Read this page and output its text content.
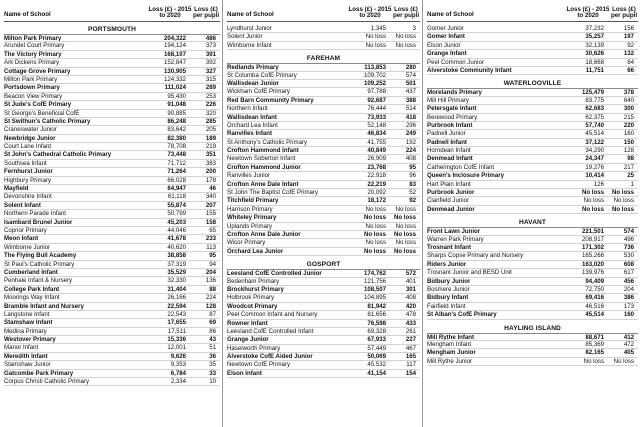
Name of School
Loss (£) - 2015 to 2020
Loss (£) per pupil
PORTSMOUTH
Milton Park Primary	204,322	486
Arundel Court Primary	194,124	373
The Victory Primary	168,107	391
Ark Dickens Primary	152,847	392
Cottage Grove Primary	130,905	327
Milton Park Primary	124,332	315
Portsdown Primary	111,024	289
Beacon View Primary	95,430	253
St Jude's CofE Primary	91,048	226
St George's Beneficial CofE	90,885	320
St Swithun's Catholic Primary	86,248	285
Craneswater Junior	83,642	205
Newbridge Junior	82,380	189
Court Lane Infant	78,708	219
St John's Cathedral Catholic Primary	73,448	351
Southsea Infant	71,712	383
Fernhurst Junior	71,264	200
Highbury Primary	66,028	178
Mayfield	64,947	46
Devonshire Infant	61,118	340
Solent Infant	55,874	207
Northern Parade Infant	50,799	155
Isambard Brunel Junior	45,203	158
Copnor Primary	44,046	65
Meon Infant	41,678	233
Wimborne Junior	40,620	113
The Flying Bull Academy	38,858	95
St Paul's Catholic Primary	37,319	94
Cumberland Infant	35,529	204
Penhale Infant & Nursery	32,330	136
College Park Infant	31,404	88
Moorings Way Infant	26,166	224
Bramble Infant and Nursery	22,594	128
Langstone Infant	22,543	87
Stamshaw Infant	17,655	69
Medina Primary	17,511	86
Westover Primary	15,336	43
Manor Infant	12,001	51
Meredith Infant	9,626	36
Stamshaw Junior	9,353	35
Gatcombe Park Primary	6,784	33
Corpus Christi Catholic Primary	2,334	10
Name of School
Loss (£) - 2015 to 2020
Loss (£) per pupil
Lyndhurst Junior	1,345	3
Solent Junior	No loss	No loss
Wimborne Infant	No loss	No loss
FAREHAM
Redlands Primary	113,853	280
St Columba CofE Primary	109,702	574
Wallisdean Junior	109,252	501
Wickham CofE Primary	97,788	437
Red Barn Community Primary	92,687	388
Northern Infant	76,444	514
Wallisdean Infant	73,933	418
Orchard Lea Infant	52,148	296
Ranvilles Infant	46,834	249
St Anthony's Catholic Primary	41,755	192
Crofton Hammond Infant	40,849	224
Newtown Soberton Infant	26,909	408
Crofton Hammond Junior	23,768	95
Ranvilles Junior	22,918	96
Crofton Anne Dale Infant	22,219	83
St John The Baptist CofE Primary	20,092	52
Titchfield Primary	18,172	92
Harrison Primary	No loss	No loss
Whiteley Primary	No loss	No loss
Uplands Primary	No loss	No loss
Crofton Anne Dale Junior	No loss	No loss
Wicor Primary	No loss	No loss
Orchard Lea Junior	No loss	No loss
GOSPORT
Leesland CofE Controlled Junior	174,762	572
Bedenham Primary	121,756	401
Brockhurst Primary	108,507	301
Holbrook Primary	104,895	408
Woodcot Primary	81,942	420
Peel Common Infant and Nursery	81,656	478
Rowner Infant	76,598	433
Leesland CofE Controlled Infant	69,328	261
Grange Junior	67,933	227
Haselworth Primary	57,449	467
Alverstoke CofE Aided Junior	50,069	165
Newtown CofE Primary	45,532	117
Elson Infant	41,154	154
Name of School
Loss (£) - 2015 to 2020
Loss (£) per pupil
Gomer Junior	37,232	156
Gomer Infant	35,257	197
Elson Junior	32,139	92
Grange Infant	30,626	132
Peel Common Junior	18,668	84
Alverstoke Community Infant	11,751	66
WATERLOOVILLE
Morelands Primary	125,479	378
Mill Hill Primary	83,775	640
Petersgate Infant	62,683	300
Berewood Primary	62,375	215
Purbrook Infant	57,740	220
Padnell Junior	45,514	160
Padnell Infant	37,122	150
Horndean Infant	34,290	128
Denmead Infant	24,347	98
Catherington CofE Infant	19,276	217
Queen's Inclosure Primary	10,414	25
Hart Plain Infant	126	1
Purbrook Junior	No loss	No loss
Clanfield Junior	No loss	No loss
Denmead Junior	No loss	No loss
HAVANT
Front Lawn Junior	221,501	574
Warren Park Primary	208,917	496
Trosnant Infant	171,302	736
Sharps Copse Primary and Nursery	165,266	530
Riders Junior	163,020	608
Trosnant Junior and BESD Unit	139,976	617
Bidbury Junior	94,409	456
Bosmere Junior	72,750	204
Bidbury Infant	69,416	386
Fairfield Infant	46,516	173
St Alban's CofE Primary	45,514	160
HAYLING ISLAND
Mill Rythe Infant	88,671	412
Mengham Infant	85,369	472
Mengham Junior	82,165	405
Mill Rythe Junior	No loss	No loss
